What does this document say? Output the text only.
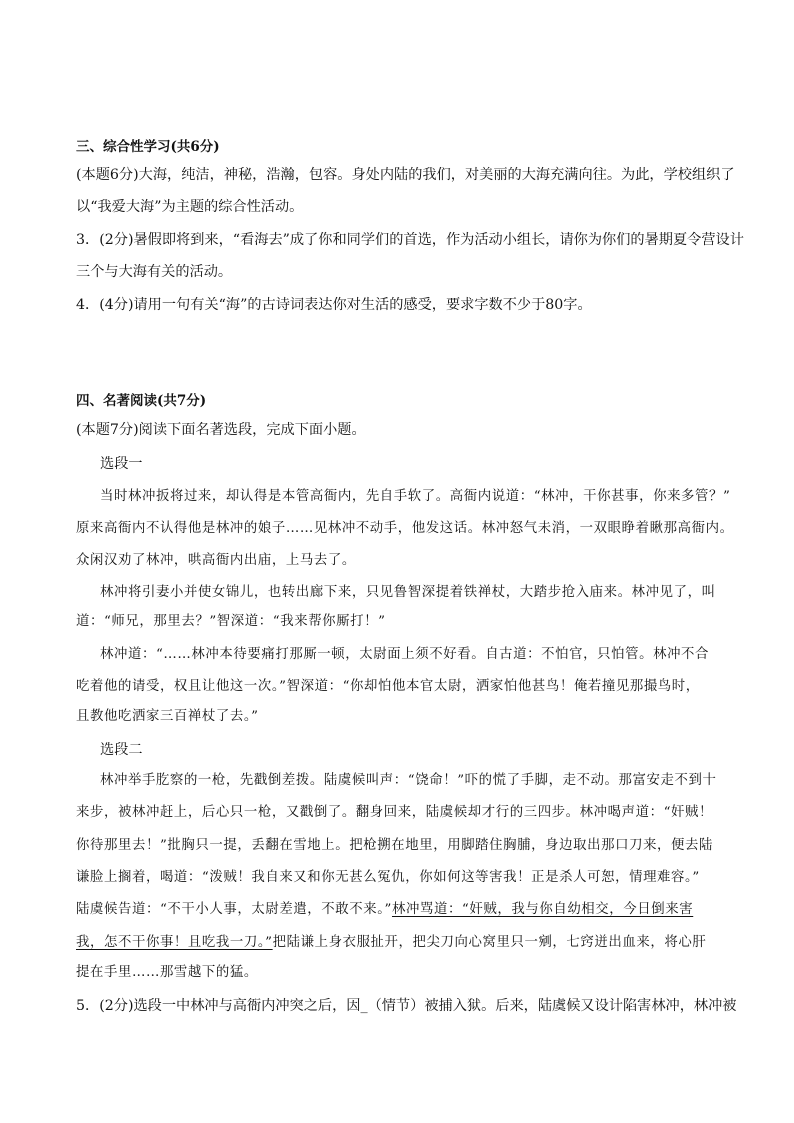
三、综合性学习(共6分)
(本题6分)大海，纯洁，神秘，浩瀚，包容。身处内陆的我们，对美丽的大海充满向往。为此，学校组织了
以“我爱大海”为主题的综合性活动。
3．(2分)暑假即将到来，“看海去”成了你和同学们的首选，作为活动小组长，请你为你们的暑期夏令营设计
三个与大海有关的活动。
4．(4分)请用一句有关“海”的古诗词表达你对生活的感受，要求字数不少于80字。
四、名著阅读(共7分)
(本题7分)阅读下面名著选段，完成下面小题。
选段一
当时林冲扳将过来，却认得是本管高衙内，先自手软了。高衙内说道：“林冲，干你甚事，你来多管？”
原来高衙内不认得他是林冲的娘子……见林冲不动手，他发这话。林冲怒气未消，一双眼睁着瞅那高衙内。
众闲汉劝了林冲，哄高衙内出庙，上马去了。
林冲将引妻小并使女锦儿，也转出廊下来，只见鲁智深提着铁禅杖，大踏步抢入庙来。林冲见了，叫
道：“师兄，那里去？”智深道：“我来帮你厮打！”
林冲道：“……林冲本待要痛打那厮一顿，太尉面上须不好看。自古道：不怕官，只怕管。林冲不合
吃着他的请受，权且让他这一次。”智深道：“你却怕他本官太尉，洒家怕他甚鸟！俺若撞见那撮鸟时，
且教他吃洒家三百禅杖了去。”
选段二
林冲举手肐察的一枪，先戳倒差拨。陆虞候叫声：“饶命！”吓的慌了手脚，走不动。那富安走不到十
来步，被林冲赶上，后心只一枪，又戳倒了。翻身回来，陆虞候却才行的三四步。林冲喝声道：“奸贼！
你待那里去！”批胸只一提，丢翻在雪地上。把枪搠在地里，用脚踏住胸脯，身边取出那口刀来，便去陆
谦脸上搁着，喝道：“泼贼！我自来又和你无甚么冤仇，你如何这等害我！正是杀人可恕，情理难容。”
陆虞候告道：“不干小人事，太尉差遣，不敢不来。”林冲骂道：“奸贼，我与你自幼相交，今日倒来害
我，怎不干你事！且吃我一刀。”把陆谦上身衣服扯开，把尖刀向心窝里只一剜，七窍迸出血来，将心肝
提在手里……那雪越下的猛。
5．(2分)选段一中林冲与高衙内冲突之后，因_（情节）被捕入狱。后来，陆虞候又设计陷害林冲，林冲被
